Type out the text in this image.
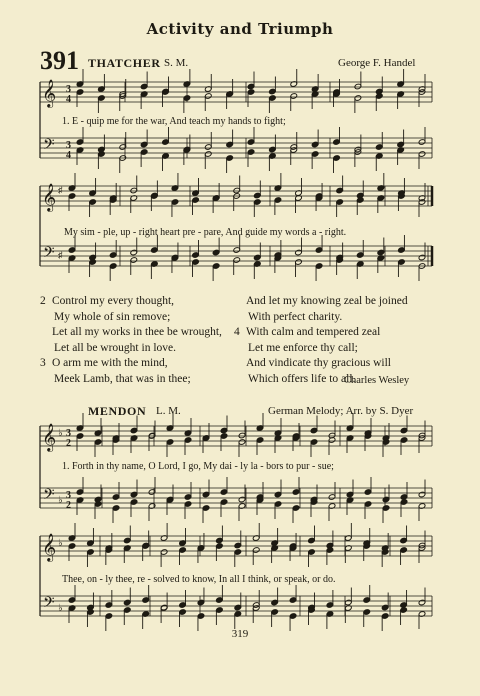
Activity and Triumph
391 THATCHER S. M.	George F. Handel
𝄞
𝄢
3
4
3
4
1. E - quip me for the war, And teach my hands to fight;
𝄞
𝄢
♯
♯
My sim - ple, up - right heart pre - pare, And guide my words a - right.
2 Control my every thought,
My whole of sin remove;
Let all my works in thee be wrought,
Let all be wrought in love.
3 O arm me with the mind,
Meek Lamb, that was in thee;
And let my knowing zeal be joined
With perfect charity.
4 With calm and tempered zeal
Let me enforce thy call;
And vindicate thy gracious will
Which offers life to all.
Charles Wesley
MENDON L. M.	German Melody; Arr. by S. Dyer
𝄞
𝄢
♭
♭
3
2
3
2
1. Forth in thy name, O Lord, I go, My dai - ly la - bors to pur - sue;
𝄞
𝄢
♭
♭
Thee, on - ly thee, re - solved to know, In all I think, or speak, or do.
319
